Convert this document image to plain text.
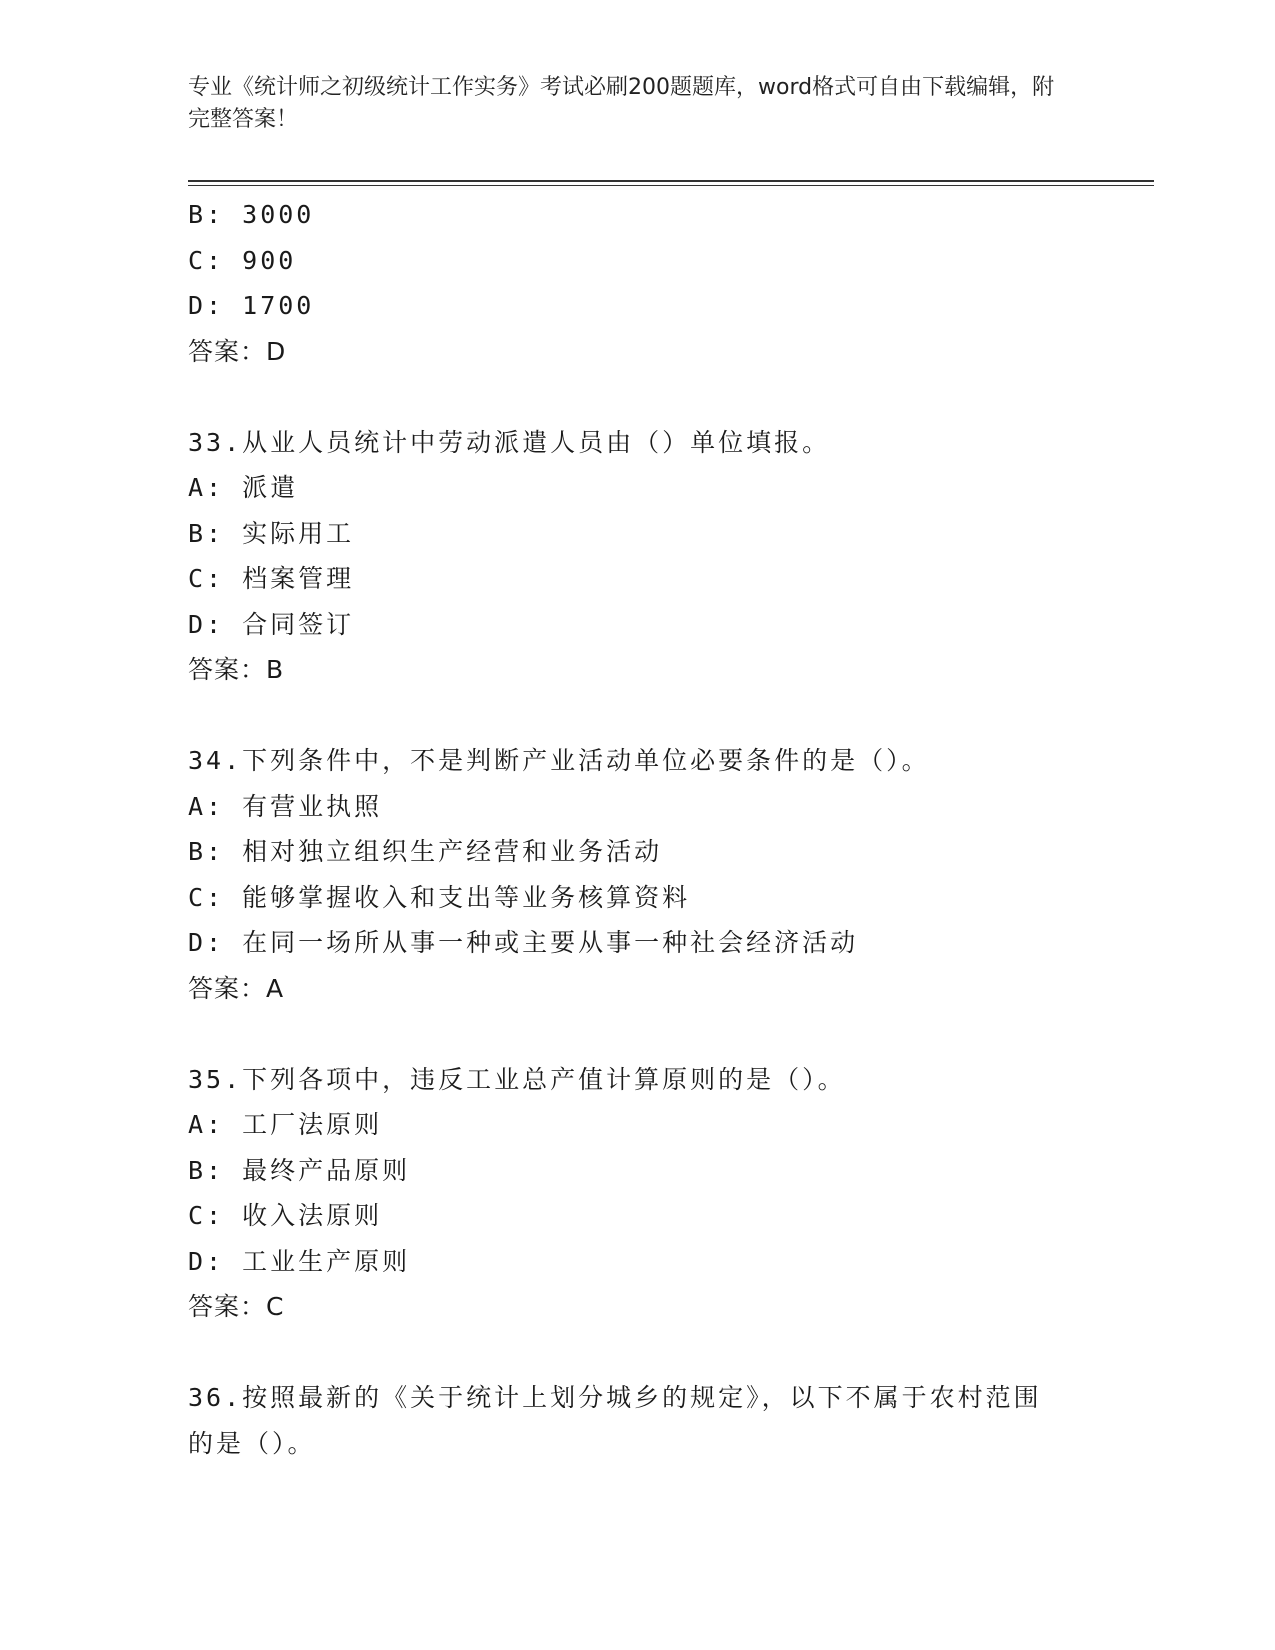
专业《统计师之初级统计工作实务》考试必刷200题题库，word格式可自由下载编辑，附完整答案！
B: 3000
C: 900
D: 1700
答案：D
33.从业人员统计中劳动派遣人员由（）单位填报。
A: 派遣
B: 实际用工
C: 档案管理
D: 合同签订
答案：B
34.下列条件中，不是判断产业活动单位必要条件的是（）。
A: 有营业执照
B: 相对独立组织生产经营和业务活动
C: 能够掌握收入和支出等业务核算资料
D: 在同一场所从事一种或主要从事一种社会经济活动
答案：A
35.下列各项中，违反工业总产值计算原则的是（）。
A: 工厂法原则
B: 最终产品原则
C: 收入法原则
D: 工业生产原则
答案：C
36.按照最新的《关于统计上划分城乡的规定》，以下不属于农村范围的是（）。
